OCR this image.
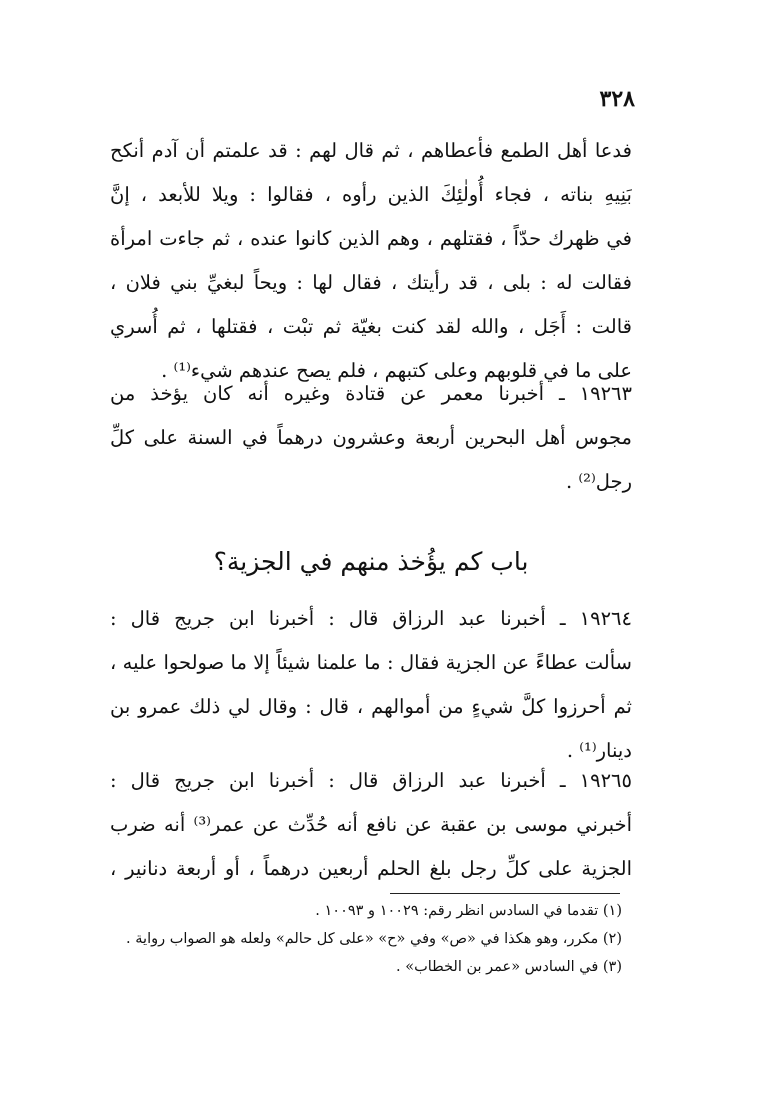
٣٢٨
فدعا أهل الطمع فأعطاهم ، ثم قال لهم : قد علمتم أن آدم أنكح
بَنِيهِ بناته ، فجاء أُولٰئِكَ الذين رأوه ، فقالوا : ويلا للأبعد ، إنَّ
في ظهرك حدّاً ، فقتلهم ، وهم الذين كانوا عنده ، ثم جاءت امرأة
فقالت له : بلى ، قد رأيتك ، فقال لها : ويحاً لبغيِّ بني فلان ،
قالت : أَجَل ، والله لقد كنت بغيّة ثم تبْت ، فقتلها ، ثم أُسري
على ما في قلوبهم وعلى كتبهم ، فلم يصح عندهم شيء⁽¹⁾ .
١٩٢٦٣ ـ أخبرنا معمر عن قتادة وغيره أنه كان يؤخذ من
مجوس أهل البحرين أربعة وعشرون درهماً في السنة على كلِّ
رجل⁽²⁾ .
باب كم يؤُخذ منهم في الجزية؟
١٩٢٦٤ ـ أخبرنا عبد الرزاق قال : أخبرنا ابن جريج قال :
سألت عطاءً عن الجزية فقال : ما علمنا شيئاً إلا ما صولحوا عليه ،
ثم أحرزوا كلَّ شيءٍ من أموالهم ، قال : وقال لي ذلك عمرو بن
دينار⁽¹⁾ .
١٩٢٦٥ ـ أخبرنا عبد الرزاق قال : أخبرنا ابن جريج قال :
أخبرني موسى بن عقبة عن نافع أنه حُدِّث عن عمر⁽³⁾ أنه ضرب
الجزية على كلِّ رجل بلغ الحلم أربعين درهماً ، أو أربعة دنانير ،
(١) تقدما في السادس انظر رقم: ١٠٠٢٩ و ١٠٠٩٣ .
(٢) مكرر، وهو هكذا في «ص» وفي «ح» «على كل حالم» ولعله هو الصواب رواية .
(٣) في السادس «عمر بن الخطاب» .
